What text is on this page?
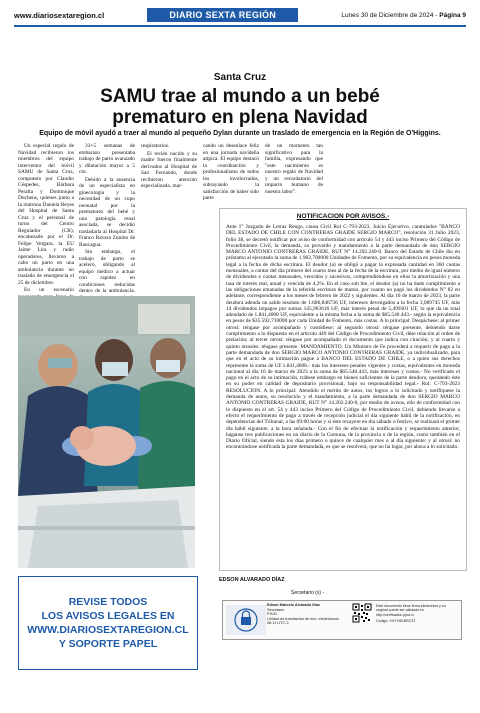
www.diariosextaregion.cl	DIARIO SEXTA REGIÓN	Lunes 30 de Diciembre de 2024 - Página 9
Santa Cruz
SAMU trae al mundo a un bebé
prematuro en plena Navidad
Equipo de móvil ayudó a traer al mundo al pequeño Dylan durante un traslado de emergencia en la Región de O'Higgins.

Un especial regalo de Navidad recibieron los miembros del equipo interventor del móvil SAMU de Santa Cruz, compuesto por Claudio Céspedes, Bárbara Peralta y Dominique Duchens, quienes junto a la matrona Daniela Reyes del Hospital de Santa Cruz y el personal de turno del Centro Regulador (CR), encabezado por el Dr. Felipe Vergara, la EU Jaime Lira y radio operadores, llevaron a cabo un parto en una ambulancia durante un traslado de emergencia el 25 de diciembre.

En un escenario

33+5 semanas de embarazo presentaba trabajo de parto avanzado y dilatación mayor a 5 cm.

Debido a la ausencia de un especialista en ginecología y la necesidad de un cupo neonatal por la prematurez del bebé y una patología renal asociada, se decidió trasladarla al Hospital Dr. Franco Ravera Zunino de Rancagua.

Sin embargo, el trabajo de parto se aceleró, obligando al equipo médico a actuar con rapidez en condiciones reducidas dentro de la ambulancia.

respiratorios.

El recién nacido y su madre fueron finalmente derivados al Hospital de San Fernando, donde recibieron atención especializada, mar-

cando un desenlace feliz en una jornada navideña atípica. El equipo destacó la coordinación y profesionalismo de todos los involucrados, subrayando la satisfacción de haber sido parte

de un momento tan significativo para la familia, expresando que "este nacimiento es nuestro regalo de Navidad y un recordatorio del impacto humano de nuestra labor".

REVISE TODOS
LOS AVISOS LEGALES EN
WWW.DIARIOSEXTAREGION.CL
Y SOPORTE PAPEL
NOTIFICACION POR AVISOS.-
Ante 1° Juzgado de Letras Rengo, causa Civil Rol C-793-2023, Juicio Ejecutivo, caratulados "BANCO DEL ESTADO DE CHILE CON CONTRERAS GRAIDE SERGIO MARCO", resolución 31 Julio 2023, folio 38, se decretó notificar por aviso de conformidad con artículo 54 y 443 inciso Primero del Código de Procedimiento Civil, la demanda, su proveído y mandamiento a la parte demandada de don SERGIO MARCO ANTONIO CONTRERAS GRAIDE, RUT N° 14.202.240-0. Banco del Estado de Chile dio en préstamo al ejecutado la suma de 1.902,700000 Unidades de Fomento, por su equivalencia en pesos moneda legal a la fecha de dicha escritura. El deudor (a) se obligó a pagar la expresada cantidad en 360 cuotas mensuales, a contar del día primero del cuarto mes al de la fecha de la escritura, por medio de igual número de dividendos o cuotas mensuales, vencidos y sucesivos, comprendiéndose en ellos la amortización y una tasa de interés real, anual y vencida de 4,2%. En el caso sub lite, el deudor (a) no ha dado cumplimiento a las obligaciones emanadas de la referida escritura de mutuo, por cuanto no pagó los dividendos N° 82 en adelante, correspondiente a los meses de febrero de 2022 y siguientes. Al día 16 de marzo de 2023, la parte deudora adeuda un saldo insoluto de 1.686,846736 UF, intereses devengados a la fecha 3,089745 UF, más 14 dividendos impagos por sumas 145,963616 UF, más interés penal de 5,499301 UF, lo que da un total adeudado de 1.841,4008 UF, equivalente a la misma fecha a la suma de $65.540.443.- según la equivalencia en pesos de $35.592,710000 por cada Unidad de Fomento, más costas. A lo principal: Despáchese; al primer otrosí: téngase por acompañado y custódiese; al segundo otrosí: téngase presente, debiendo darse cumplimiento a lo dispuesto en el artículo 449 del Código de Procedimiento Civil, dése relación al orden de prelación; al tercer otrosí: téngase por acompañado el documento que indica con citación; y al cuarto y quinto otrosíes: téngase presente. MANDAMIENTO. Un Ministro de Fe procederá a requerir de pago a la parte demandada de don SERGIO MARCO ANTONIO CONTRERAS GRAIDE, ya individualizado, para que en el acto de su intimación pague a BANCO DEL ESTADO DE CHILE, o a quien sus derechos represente la suma de UF.1.841,4008.- más los intereses penales vigentes y costas, equivalentes en moneda nacional al día 16 de marzo de 2023 a la suma de $65.540.443, más intereses y costas.- No verificado el pago en el acto de su intimación, trábese embargo en bienes suficientes de la parte deudora, quedando éste en su poder en calidad de depositario provisional, bajo su responsabilidad legal.- Rol: C-793-2023 RESOLUCION. A lo principal: Atendido el mérito de autos, los logros a lo solicitado y notifíquese la demanda de autos, su resolución y el mandamiento, a la parte demandada de don SERGIO MARCO ANTONIO CONTRERAS GRAIDE, RUT N° 14.202.240-0, por medio de avisos, ello de conformidad con lo dispuesto en el art. 54 y 443 inciso Primero del Código de Procedimiento Civil, debiendo llevarse a efecto el requerimiento de pago a través de recepción judicial el día siguiente hábil de la notificación, en dependencias del Tribunal, a las 09:00 horas y si éste recayere en día sábado o festivo, se realizará el primer día hábil siguiente, a la hora señalada.- Con el fin de efectuar la notificación y requerimiento anterior, háganse tres publicaciones en un diario de la Comuna, de la provincia o de la región, como también en el Diario Oficial, siendo ésta los días primero o quince de cualquier mes o al día siguiente; y al otrosí: no encontrándose notificada la parte demandada, es que se resolverá, que no ha lugar, por ahora a lo solicitado.
EDSON ALVARADO DÍAZ
Secretario (s) -
Edson Marcelo Alvarado Díaz
Secretario
PJUD
Unidad de tramitación de doc. electrónicos
08:11 UTC-3
Este documento tiene firma electrónica y su original puede ser validado en http://verificadoc.pjud.cl
Código: XXYXSKBRC3T
